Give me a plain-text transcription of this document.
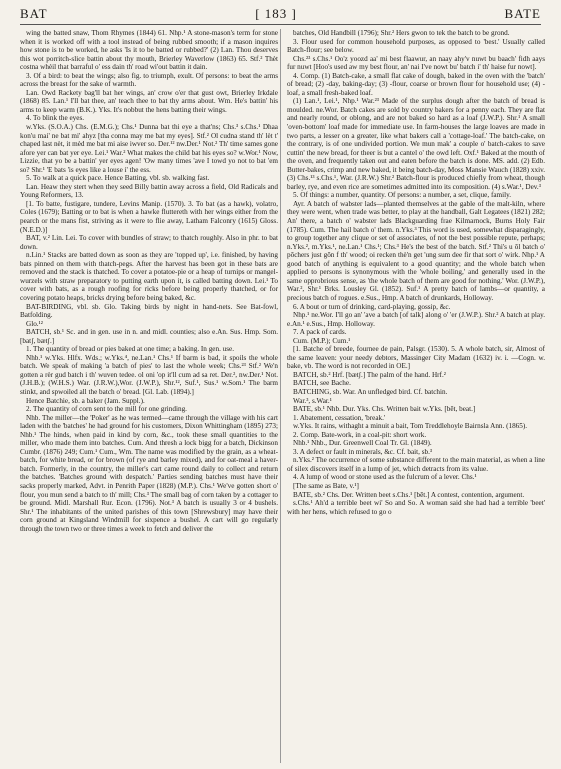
BAT	[ 183 ]	BATE

wing the batted snaw, Thom Rhymes (1844) 61. Nhp.¹ A stone-mason's term for stone when it is worked off with a tool instead of being rubbed smooth; if a mason inquires how stone is to be worked, he asks 'Is it to be batted or rubbed?' (2) Lan. Thou deserves this wot porritch-slice battin about thy mouth, Brierley Waverlow (1863) 65. Stf.² Thèt costna whèil that barraful o' ess dain th' road wi'out battin it dain.

3. Of a bird: to beat the wings; also fig. to triumph, exult. Of persons: to beat the arms across the breast for the sake of warmth.

Lan. Owd Rackety bag'll bat her wings, an' crow o'er that gust owt, Brierley Irkdale (1868) 85. Lan.¹ I'll bat thee, an' teach thee to bat thy arms about. Wm. He's battin' his arms to keep warm (B.K.). Yks. It's nobbut the hens batting their wings.

4. To blink the eyes.

w.Yks. (S.O.A.) Chs. (E.M.G.); Chs.¹ Dunna bat thi eye a that'ns; Chs.³ s.Chs.¹ Dhaa kon'u mai' ne bat mi' ahyz [tha conna may me bat my eyes]. Stf.² Ol cudna stand th' lèt t' chaped last nèt, it mèd me bat mi aise iwver so. Der.¹² nw.Der.¹ Not.² Th' time sames gone afore yer can bat yer eye. Lei.¹ War.² What makes the child bat his eyes so? w.Wor.¹ Now, Lizzie, that yo be a battin' yer eyes agen! 'Ow many times 'ave I towd yo not to bat 'em so? Shr.¹ 'E bats 'is eyes like a louse i' the ess.

5. To walk at a quick pace. Hence Batting, vbl. sb. walking fast.

Lan. Heaw they stert when they seed Billy battin away across a field, Old Radicals and Young Reformers, 13.

[1. To batte, fustigare, tundere, Levins Manip. (1570). 3. To bat (as a hawk), volatro, Coles (1679); Batting or to bat is when a hawke fluttereth with her wings either from the pearch or the mans fist, striving as it were to flie away, Latham Falconry (1615) Gloss. (N.E.D.)]

BAT, v.² Lin. Lei. To cover with bundles of straw; to thatch roughly. Also in phr. to bat down.

n.Lin.¹ Stacks are batted down as soon as they are 'topped up', i.e. finished, by having bats pinned on them with thatch-pegs. After the harvest has been got in these bats are removed and the stack is thatched. To cover a potatoe-pie or a heap of turnips or mangel-wurzels with straw preparatory to putting earth upon it, is called batting down. Lei.¹ To cover with bats, as a rough roofing for ricks before being properly thatched, or for covering potato heaps, bricks drying before being baked, &c.

BAT-BIRDING, vbl. sb. Glo. Taking birds by night in hand-nets. See Bat-fowl, Batfolding.

Glo.¹²

BATCH, sb.¹ Sc. and in gen. use in n. and midl. counties; also e.An. Sus. Hmp. Som. [batʃ, bætʃ.]

1. The quantity of bread or pies baked at one time; a baking. In gen. use.

Nhb.¹ w.Yks. Hlfx. Wds.; w.Yks.⁴, ne.Lan.¹ Chs.¹ If barm is bad, it spoils the whole batch. We speak of making 'a batch of pies' to last the whole week; Chs.²³ Stf.² We'n gotten a rèr gud batch i th' wuven tedee. ol oni 'op it'll cum ad sa ret. Der.², nw.Der.¹ Not. (J.H.B.); (W.H.S.) War. (J.R.W.),Wor. (J.W.P.), Shr.¹², Suf.¹, Sus.¹ w.Som.¹ The barm stinkt, and spwoiled all the batch o' bread. [Gl. Lab. (1894).]

Hence Batchie, sb. a baker (Jam. Suppl.).

2. The quantity of corn sent to the mill for one grinding.

Nhb. The miller—the 'Poker' as he was termed—came through the village with his cart laden with the 'batches' he had ground for his customers, Dixon Whittingham (1895) 273; Nhb.¹ The hinds, when paid in kind by corn, &c., took these small quantities to the miller, who made them into batches. Cum. And thresh a lock bigg for a batch, Dickinson Cumbr. (1876) 249; Cum.¹ Cum., Wm. The name was modified by the grain, as a wheat-batch, for white bread, or for brown (of rye and barley mixed), and for oat-meal a haver-batch. Formerly, in the country, the miller's cart came round daily to collect and return the batches. 'Batches ground with despatch.' Parties sending batches must have their sacks properly marked, Advt. in Penrith Paper (1828) (M.P.). Chs.¹ We've gotten short o' flour, you mun send a batch to th' mill; Chs.³ The small bag of corn taken by a cottager to be ground. Midl. Marshall Rur. Econ. (1796). Not.³ A batch is usually 3 or 4 bushels. Shr.¹ The inhabitants of the united parishes of this town [Shrewsbury] may have their corn ground at Kingsland Windmill for sixpence a bushel. A cart will go regularly through the town two or three times a week to fetch and deliver the

batches, Old Handbill (1796); Shr.² Hers gwon to tek the batch to be grond.

3. Flour used for common household purposes, as opposed to 'best.' Usually called Batch-flour; see below.

Chs.²³ s.Chs.¹ Oo'z yoozd aa' mi best flaawur, an naay ahy'v nuwt bu baach' fidh aays fur nuwt [Hoo's used aw my best flour, an' nai I've nowt bu' batch i' th' haise fur nowt].

4. Comp. (1) Batch-cake, a small flat cake of dough, baked in the oven with the 'batch' of bread; (2) -day, baking-day; (3) -flour, coarse or brown flour for household use; (4) -loaf, a small fresh-baked loaf.

(1) Lan.¹, Lei.¹, Nhp.¹ War.²³ Made of the surplus dough after the batch of bread is moulded. ne.Wor. Batch cakes are sold by country bakers for a penny each. They are flat and nearly round, or oblong, and are not baked so hard as a loaf (J.W.P.). Shr.¹ A small 'oven-bottom' loaf made for immediate use. In farm-houses the large loaves are made in two parts, a lesser on a greater, like what bakers call a 'cottage-loaf.' The batch-cake, on the contrary, is of one undivided portion. We mun mak' a couple o' batch-cakes to save cuttin' the new bread, for theer is but a cantel o' the owd left. Oxf.¹ Baked at the mouth of the oven, and frequently taken out and eaten before the batch is done. MS. add. (2) Edb. Butter-bakes, crimp and new baked, it being batch-day, Moss Mansie Wauch (1828) xxiv. (3) Chs.¹³ s.Chs.¹, War. (J.R.W.) Shr.² Batch-flour is produced chiefly from wheat, though barley, rye, and even rice are sometimes admitted into its composition. (4) s.War.¹, Dev.³

5. Of things: a number, quantity. Of persons: a number, a set, clique, family.

Ayr. A batch of wabster lads—planted themselves at the gable of the malt-kiln, where they were went, when trade was better, to play at the handball, Galt Legatees (1821) 282; An' there, a batch o' wabster lads Blackguarding frae Kilmarnock, Burns Holy Fair (1785). Cum. The hail batch o' them. n.Yks.³ This word is used, somewhat disparagingly, to group together any clique or set of associates, of not the best possible repute, perhaps; n.Yks.², m.Yks.¹, ne.Lan.¹ Chs.¹; Chs.³ He's the best of the batch. Stf.² Thi's u ōl batch o' pōchers just gōn f th' wood; oi recken thè'n get 'ung sum dee fir that sort o' wirk. Nhp.¹ A good batch of anything is equivalent to a good quantity; and the whole batch when applied to persons is synonymous with the 'whole boiling,' and generally used in the same opprobrious sense, as 'the whole batch of them are good for nothing.' Wor. (J.W.P.), War.², Shr.¹ Brks. Lousley Gl. (1852). Suf.¹ A pretty batch of lambs—or quantity, a precious batch of rogues. e.Sus., Hmp. A batch of drunkards, Holloway.

6. A bout or turn of drinking, card-playing, gossip, &c.

Nhp.¹ ne.Wor. I'll go an' 'ave a batch [of talk] along o' 'er (J.W.P.). Shr.² A batch at play. e.An.¹ e.Sus., Hmp. Holloway.

7. A pack of cards.

Cum. (M.P.); Cum.¹

[1. Batche of breede, fournee de pain, Palsgr. (1530). 5. A whole batch, sir, Almost of the same leaven: your needy debtors, Massinger City Madam (1632) iv. i. —Cogn. w. bake, vb. The word is not recorded in OE.]

BATCH, sb.² Hrf. [bætʃ.] The palm of the hand. Hrf.²

BATCH, see Bache.

BATCHING, sb. War. An unfledged bird. Cf. batchin.

War.³, s.War.¹

BATE, sb.¹ Nhb. Dur. Yks. Chs. Written bait w.Yks. [bēt, beat.]

1. Abatement, cessation, 'break.'

w.Yks. It rains, withaght a minuit a bait, Tom Treddlehoyle Bairnsla Ann. (1865).

2. Comp. Bate-work, in a coal-pit: short work.

Nhb.¹ Nhb., Dur. Greenwell Coal Tr. Gl. (1849).

3. A defect or fault in minerals, &c. Cf. bait, sb.³

n.Yks.² The occurrence of some substance different to the main material, as when a line of silex discovers itself in a lump of jet, which detracts from its value.

4. A lump of wood or stone used as the fulcrum of a lever. Chs.¹

[The same as Bate, v.¹]

BATE, sb.² Chs. Der. Written beet s.Chs.¹ [bēt.] A contest, contention, argument.

s.Chs.¹ Ah'd a terrible beet wi' So and So. A woman said she had had a terrible 'beet' with her hens, which refused to go o
